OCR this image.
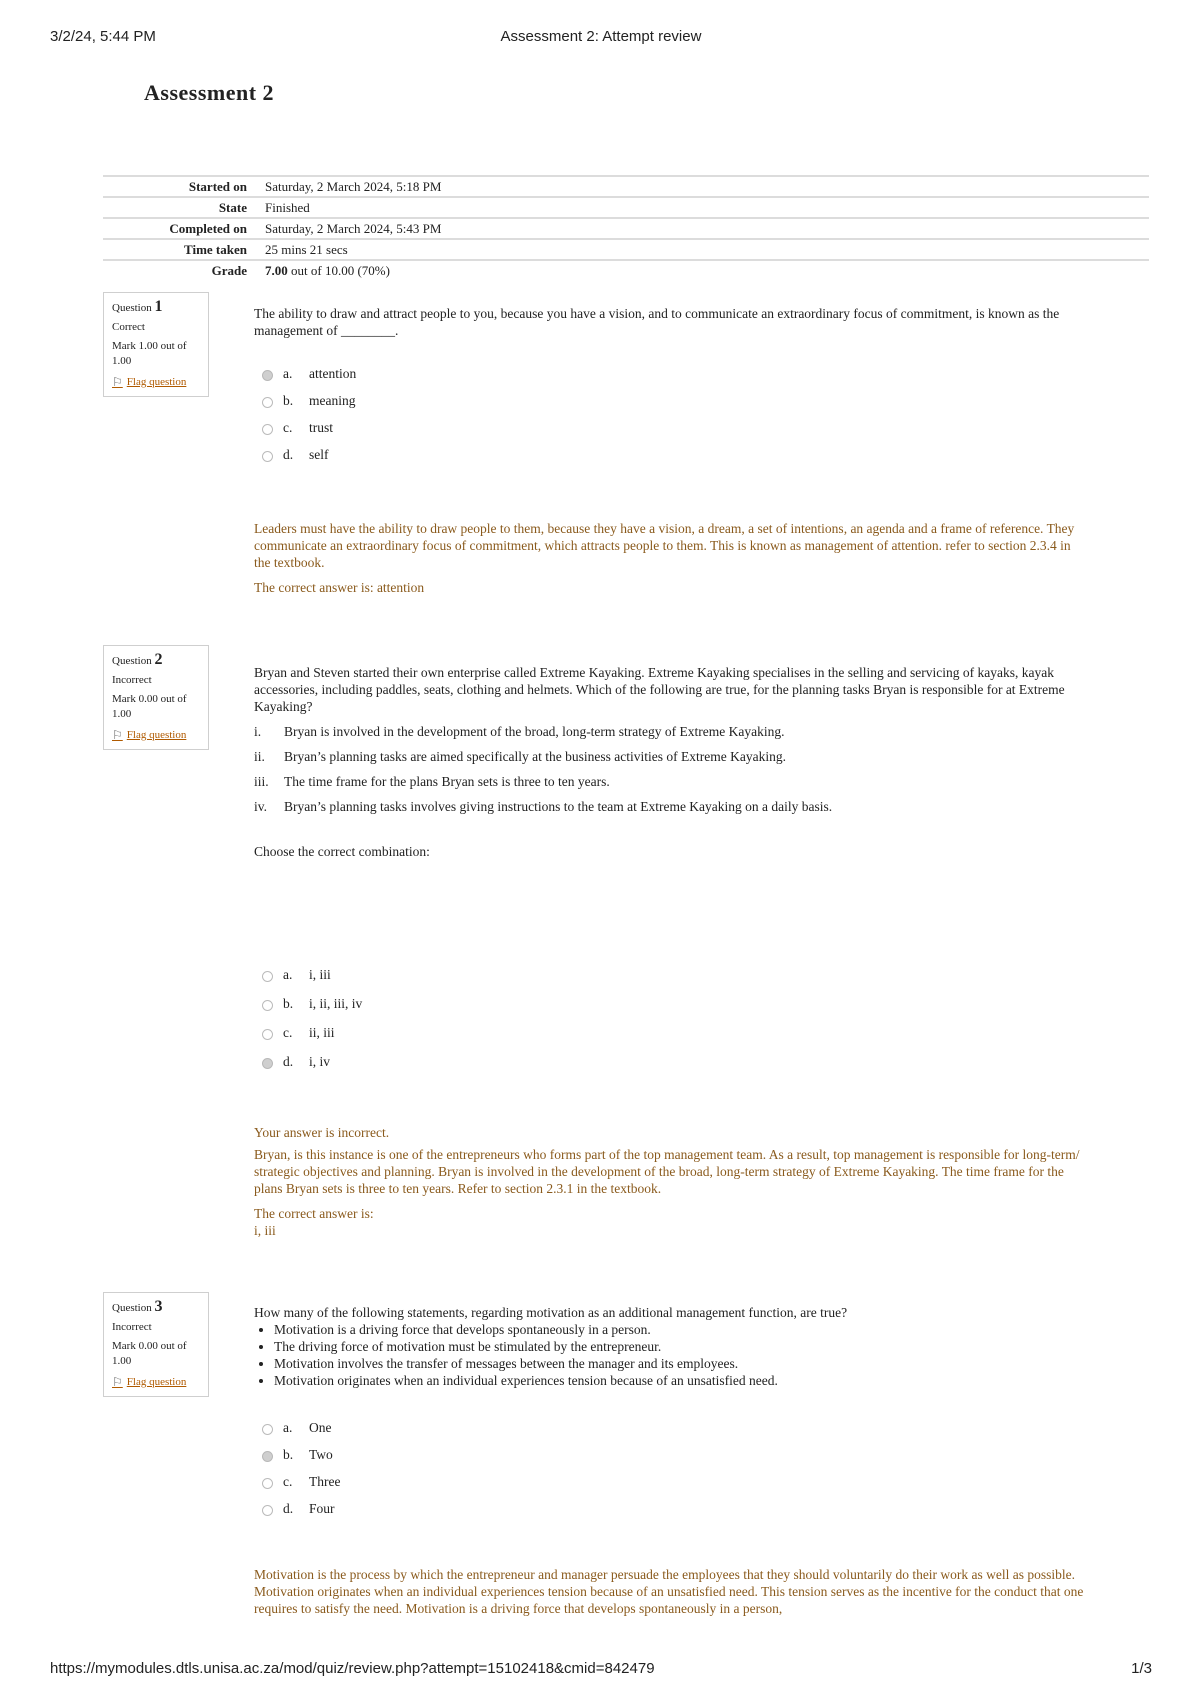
3/2/24, 5:44 PM	Assessment 2: Attempt review
Assessment 2
Started on	Saturday, 2 March 2024, 5:18 PM
State	Finished
Completed on	Saturday, 2 March 2024, 5:43 PM
Time taken	25 mins 21 secs
Grade	7.00 out of 10.00 (70%)
Question 1
Correct
Mark 1.00 out of 1.00
⚐ Flag question
The ability to draw and attract people to you, because you have a vision, and to communicate an extraordinary focus of commitment, is known as the management of ________.
a.	attention
b.	meaning
c.	trust
d.	self

Leaders must have the ability to draw people to them, because they have a vision, a dream, a set of intentions, an agenda and a frame of reference. They communicate an extraordinary focus of commitment, which attracts people to them. This is known as management of attention. refer to section 2.3.4 in the textbook.

The correct answer is: attention

Question 2
Incorrect
Mark 0.00 out of 1.00
⚐ Flag question
Bryan and Steven started their own enterprise called Extreme Kayaking. Extreme Kayaking specialises in the selling and servicing of kayaks, kayak accessories, including paddles, seats, clothing and helmets. Which of the following are true, for the planning tasks Bryan is responsible for at Extreme Kayaking?
i.	Bryan is involved in the development of the broad, long-term strategy of Extreme Kayaking.
ii.	Bryan’s planning tasks are aimed specifically at the business activities of Extreme Kayaking.
iii.	The time frame for the plans Bryan sets is three to ten years.
iv.	Bryan’s planning tasks involves giving instructions to the team at Extreme Kayaking on a daily basis.
Choose the correct combination:
a.	i, iii
b.	i, ii, iii, iv
c.	ii, iii
d.	i, iv

Your answer is incorrect.

Bryan, is this instance is one of the entrepreneurs who forms part of the top management team. As a result, top management is responsible for long-term/ strategic objectives and planning. Bryan is involved in the development of the broad, long-term strategy of Extreme Kayaking. The time frame for the plans Bryan sets is three to ten years. Refer to section 2.3.1 in the textbook.

The correct answer is:

i, iii

Question 3
Incorrect
Mark 0.00 out of 1.00
⚐ Flag question
How many of the following statements, regarding motivation as an additional management function, are true?
• Motivation is a driving force that develops spontaneously in a person.
• The driving force of motivation must be stimulated by the entrepreneur.
• Motivation involves the transfer of messages between the manager and its employees.
• Motivation originates when an individual experiences tension because of an unsatisfied need.
a.	One
b.	Two
c.	Three
d.	Four

Motivation is the process by which the entrepreneur and manager persuade the employees that they should voluntarily do their work as well as possible. Motivation originates when an individual experiences tension because of an unsatisfied need. This tension serves as the incentive for the conduct that one requires to satisfy the need. Motivation is a driving force that develops spontaneously in a person,

https://mymodules.dtls.unisa.ac.za/mod/quiz/review.php?attempt=15102418&cmid=842479	1/3
